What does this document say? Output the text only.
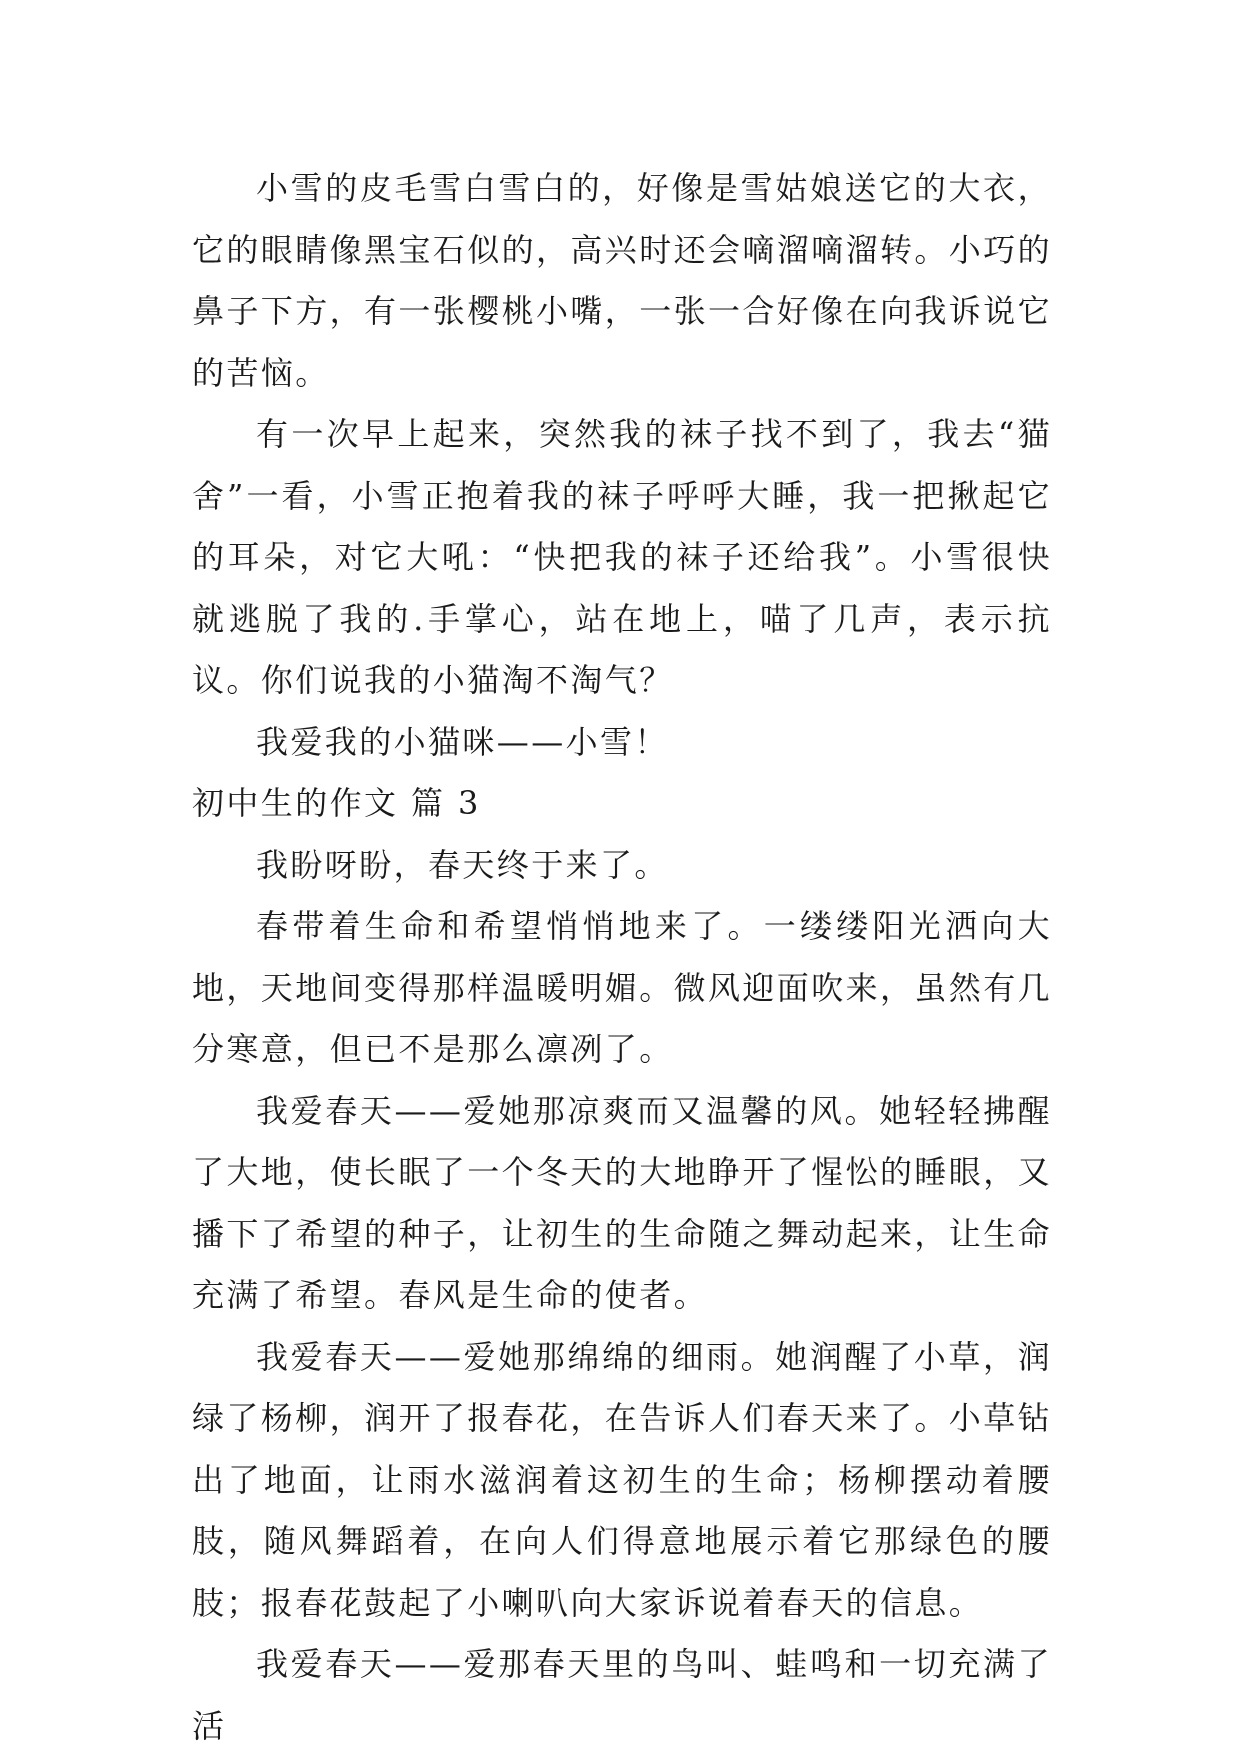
小雪的皮毛雪白雪白的，好像是雪姑娘送它的大衣，它的眼睛像黑宝石似的，高兴时还会嘀溜嘀溜转。小巧的鼻子下方，有一张樱桃小嘴，一张一合好像在向我诉说它的苦恼。

有一次早上起来，突然我的袜子找不到了，我去“猫舍”一看，小雪正抱着我的袜子呼呼大睡，我一把揪起它的耳朵，对它大吼：“快把我的袜子还给我”。小雪很快就逃脱了我的.手掌心，站在地上，喵了几声，表示抗议。你们说我的小猫淘不淘气？

我爱我的小猫咪——小雪！

初中生的作文 篇 3

我盼呀盼，春天终于来了。

春带着生命和希望悄悄地来了。一缕缕阳光洒向大地，天地间变得那样温暖明媚。微风迎面吹来，虽然有几分寒意，但已不是那么凛冽了。

我爱春天——爱她那凉爽而又温馨的风。她轻轻拂醒了大地，使长眠了一个冬天的大地睁开了惺忪的睡眼，又播下了希望的种子，让初生的生命随之舞动起来，让生命充满了希望。春风是生命的使者。

我爱春天——爱她那绵绵的细雨。她润醒了小草，润绿了杨柳，润开了报春花，在告诉人们春天来了。小草钻出了地面，让雨水滋润着这初生的生命；杨柳摆动着腰肢，随风舞蹈着，在向人们得意地展示着它那绿色的腰肢；报春花鼓起了小喇叭向大家诉说着春天的信息。

我爱春天——爱那春天里的鸟叫、蛙鸣和一切充满了活
